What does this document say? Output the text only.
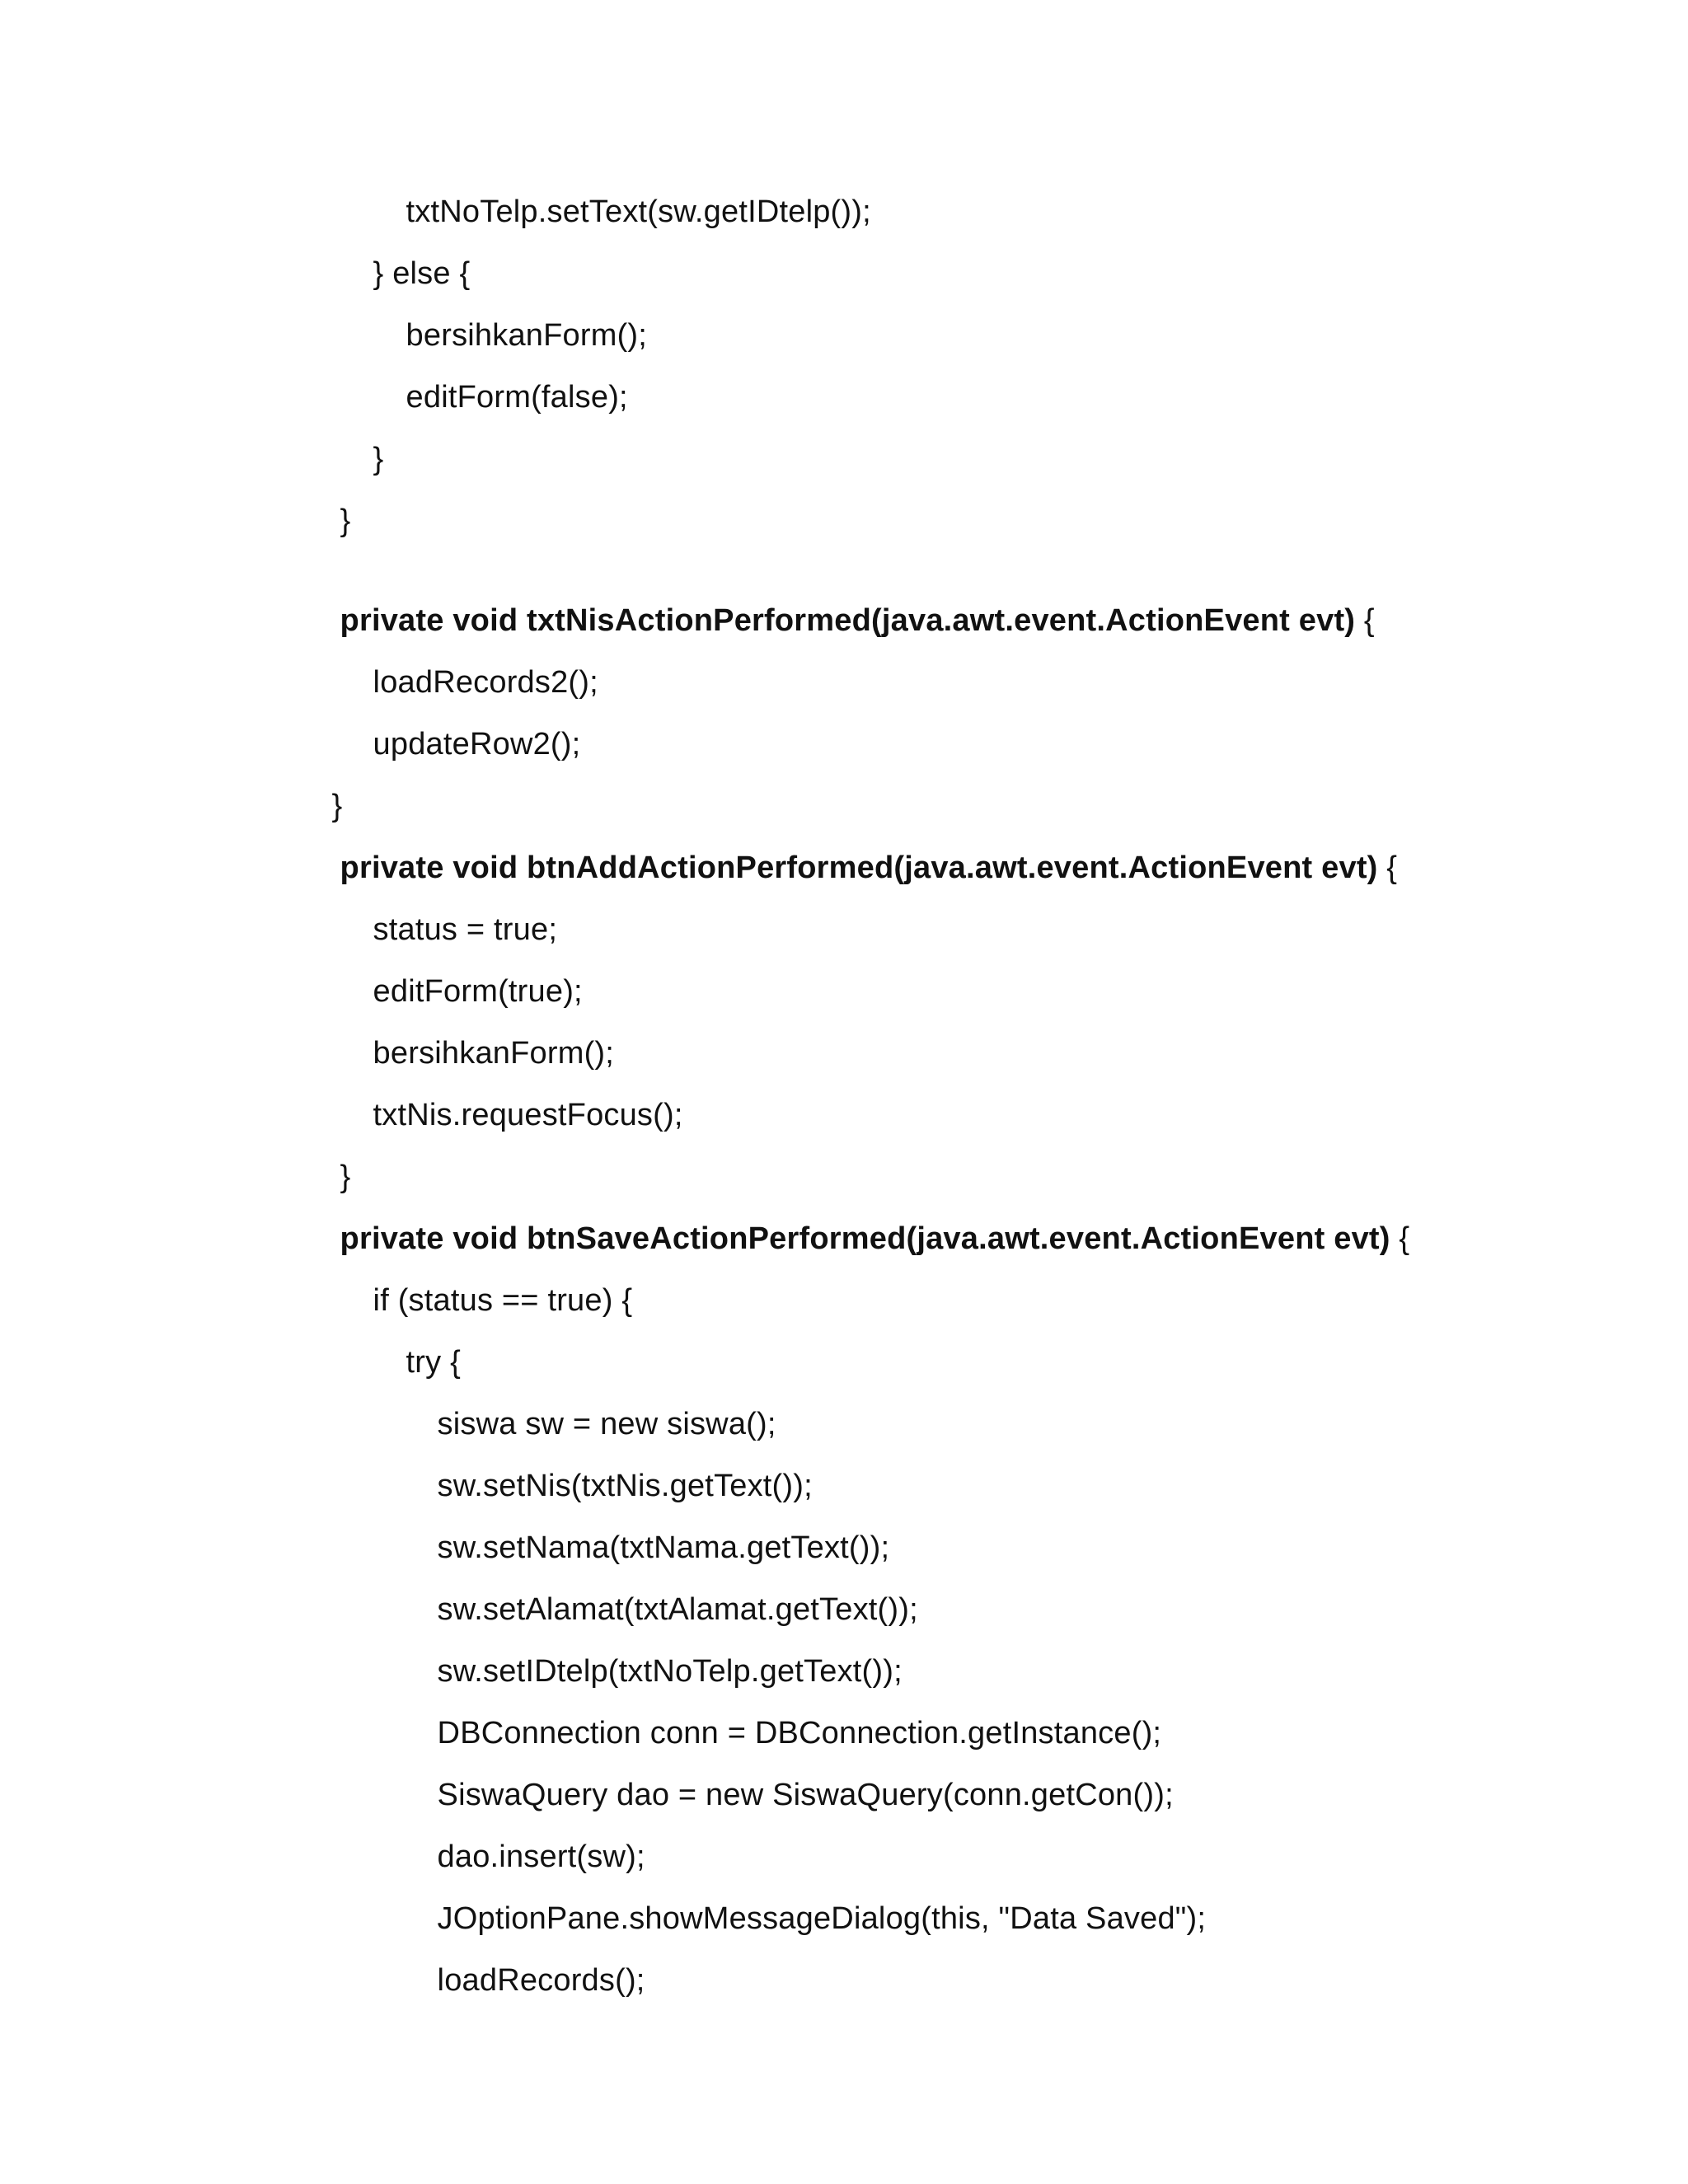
txtNoTelp.setText(sw.getIDtelp());

} else {

bersihkanForm();

editForm(false);

}

}

private void txtNisActionPerformed(java.awt.event.ActionEvent evt) {

loadRecords2();

updateRow2();

}

private void btnAddActionPerformed(java.awt.event.ActionEvent evt) {

status = true;

editForm(true);

bersihkanForm();

txtNis.requestFocus();

}

private void btnSaveActionPerformed(java.awt.event.ActionEvent evt) {

if (status == true) {

try {

siswa sw = new siswa();

sw.setNis(txtNis.getText());

sw.setNama(txtNama.getText());

sw.setAlamat(txtAlamat.getText());

sw.setIDtelp(txtNoTelp.getText());

DBConnection conn = DBConnection.getInstance();

SiswaQuery dao = new SiswaQuery(conn.getCon());

dao.insert(sw);

JOptionPane.showMessageDialog(this, "Data Saved");

loadRecords();
